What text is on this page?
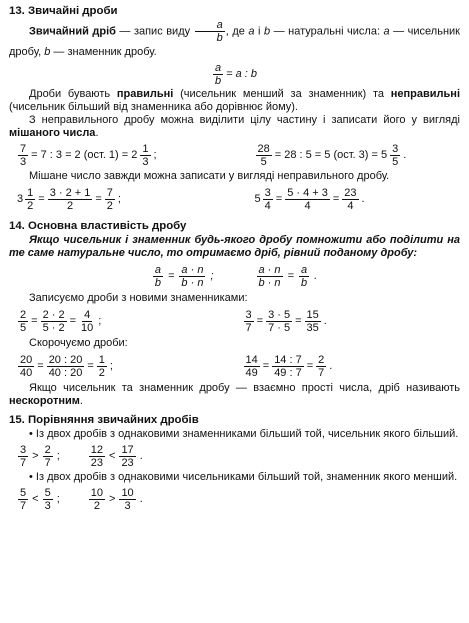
13. Звичайні дроби

Звичайний дріб — запис виду $\frac{a}{b}$ , де a і b — натуральні числа: a — чисельник дробу, b — знаменник дробу.

$\frac{a}{b} = a$ : b

Дроби бувають правильні (чисельник менший за знаменник) та неправильні (чисельник більший від знаменника або дорівнює йому).

З неправильного дробу можна виділити цілу частину і записати його у вигляді мішаного числа.

$\frac{7}{3} = 7$ : 3 = 2 (ост. $1) = 2 \frac{1}{3}$ ;	$\frac{28}{5} = 28$ : 5 = 5 (ост. $3) = 5 \frac{3}{5}$ .

Мішане число завжди можна записати у вигляді неправильного дробу.

$3 \frac{1}{2} = \frac{3 \cdot 2 + 1}{2} = \frac{7}{2}$ ;	$5 \frac{3}{4} = \frac{5 \cdot 4 + 3}{4} = \frac{23}{4}$ .

14. Основна властивість дробу

Якщо чисельник і знаменник будь-якого дробу помножити або поділити на те саме натуральне число, то отримаємо дріб, рівний поданому дробу:

$\frac{a}{b} = \frac{a \cdot n}{b \cdot n}$ ;	$\frac{a \cdot n}{b \cdot n} = \frac{a}{b}$ .

Записуємо дроби з новими знаменниками:

$\frac{2}{5} = \frac{2 \cdot 2}{5 \cdot 2} = \frac{4}{10}$ ;	$\frac{3}{7} = \frac{3 \cdot 5}{7 \cdot 5} = \frac{15}{35}$ .

Скорочуємо дроби:

$\frac{20}{40} = \frac{20 : 20}{40 : 20} = \frac{1}{2}$ ;	$\frac{14}{49} = \frac{14 : 7}{49 : 7} = \frac{2}{7}$ .

Якщо чисельник та знаменник дробу — взаємно прості числа, дріб називають нескоротним.

15. Порівняння звичайних дробів

• Із двох дробів з однаковими знаменниками більший той, чисельник якого більший.

$\frac{3}{7} > \frac{2}{7}$ ;	$\frac{12}{23} < \frac{17}{23}$ .

• Із двох дробів з однаковими чисельниками більший той, знаменник якого менший.

$\frac{5}{7} < \frac{5}{3}$ ;	$\frac{10}{2} > \frac{10}{3}$ .
